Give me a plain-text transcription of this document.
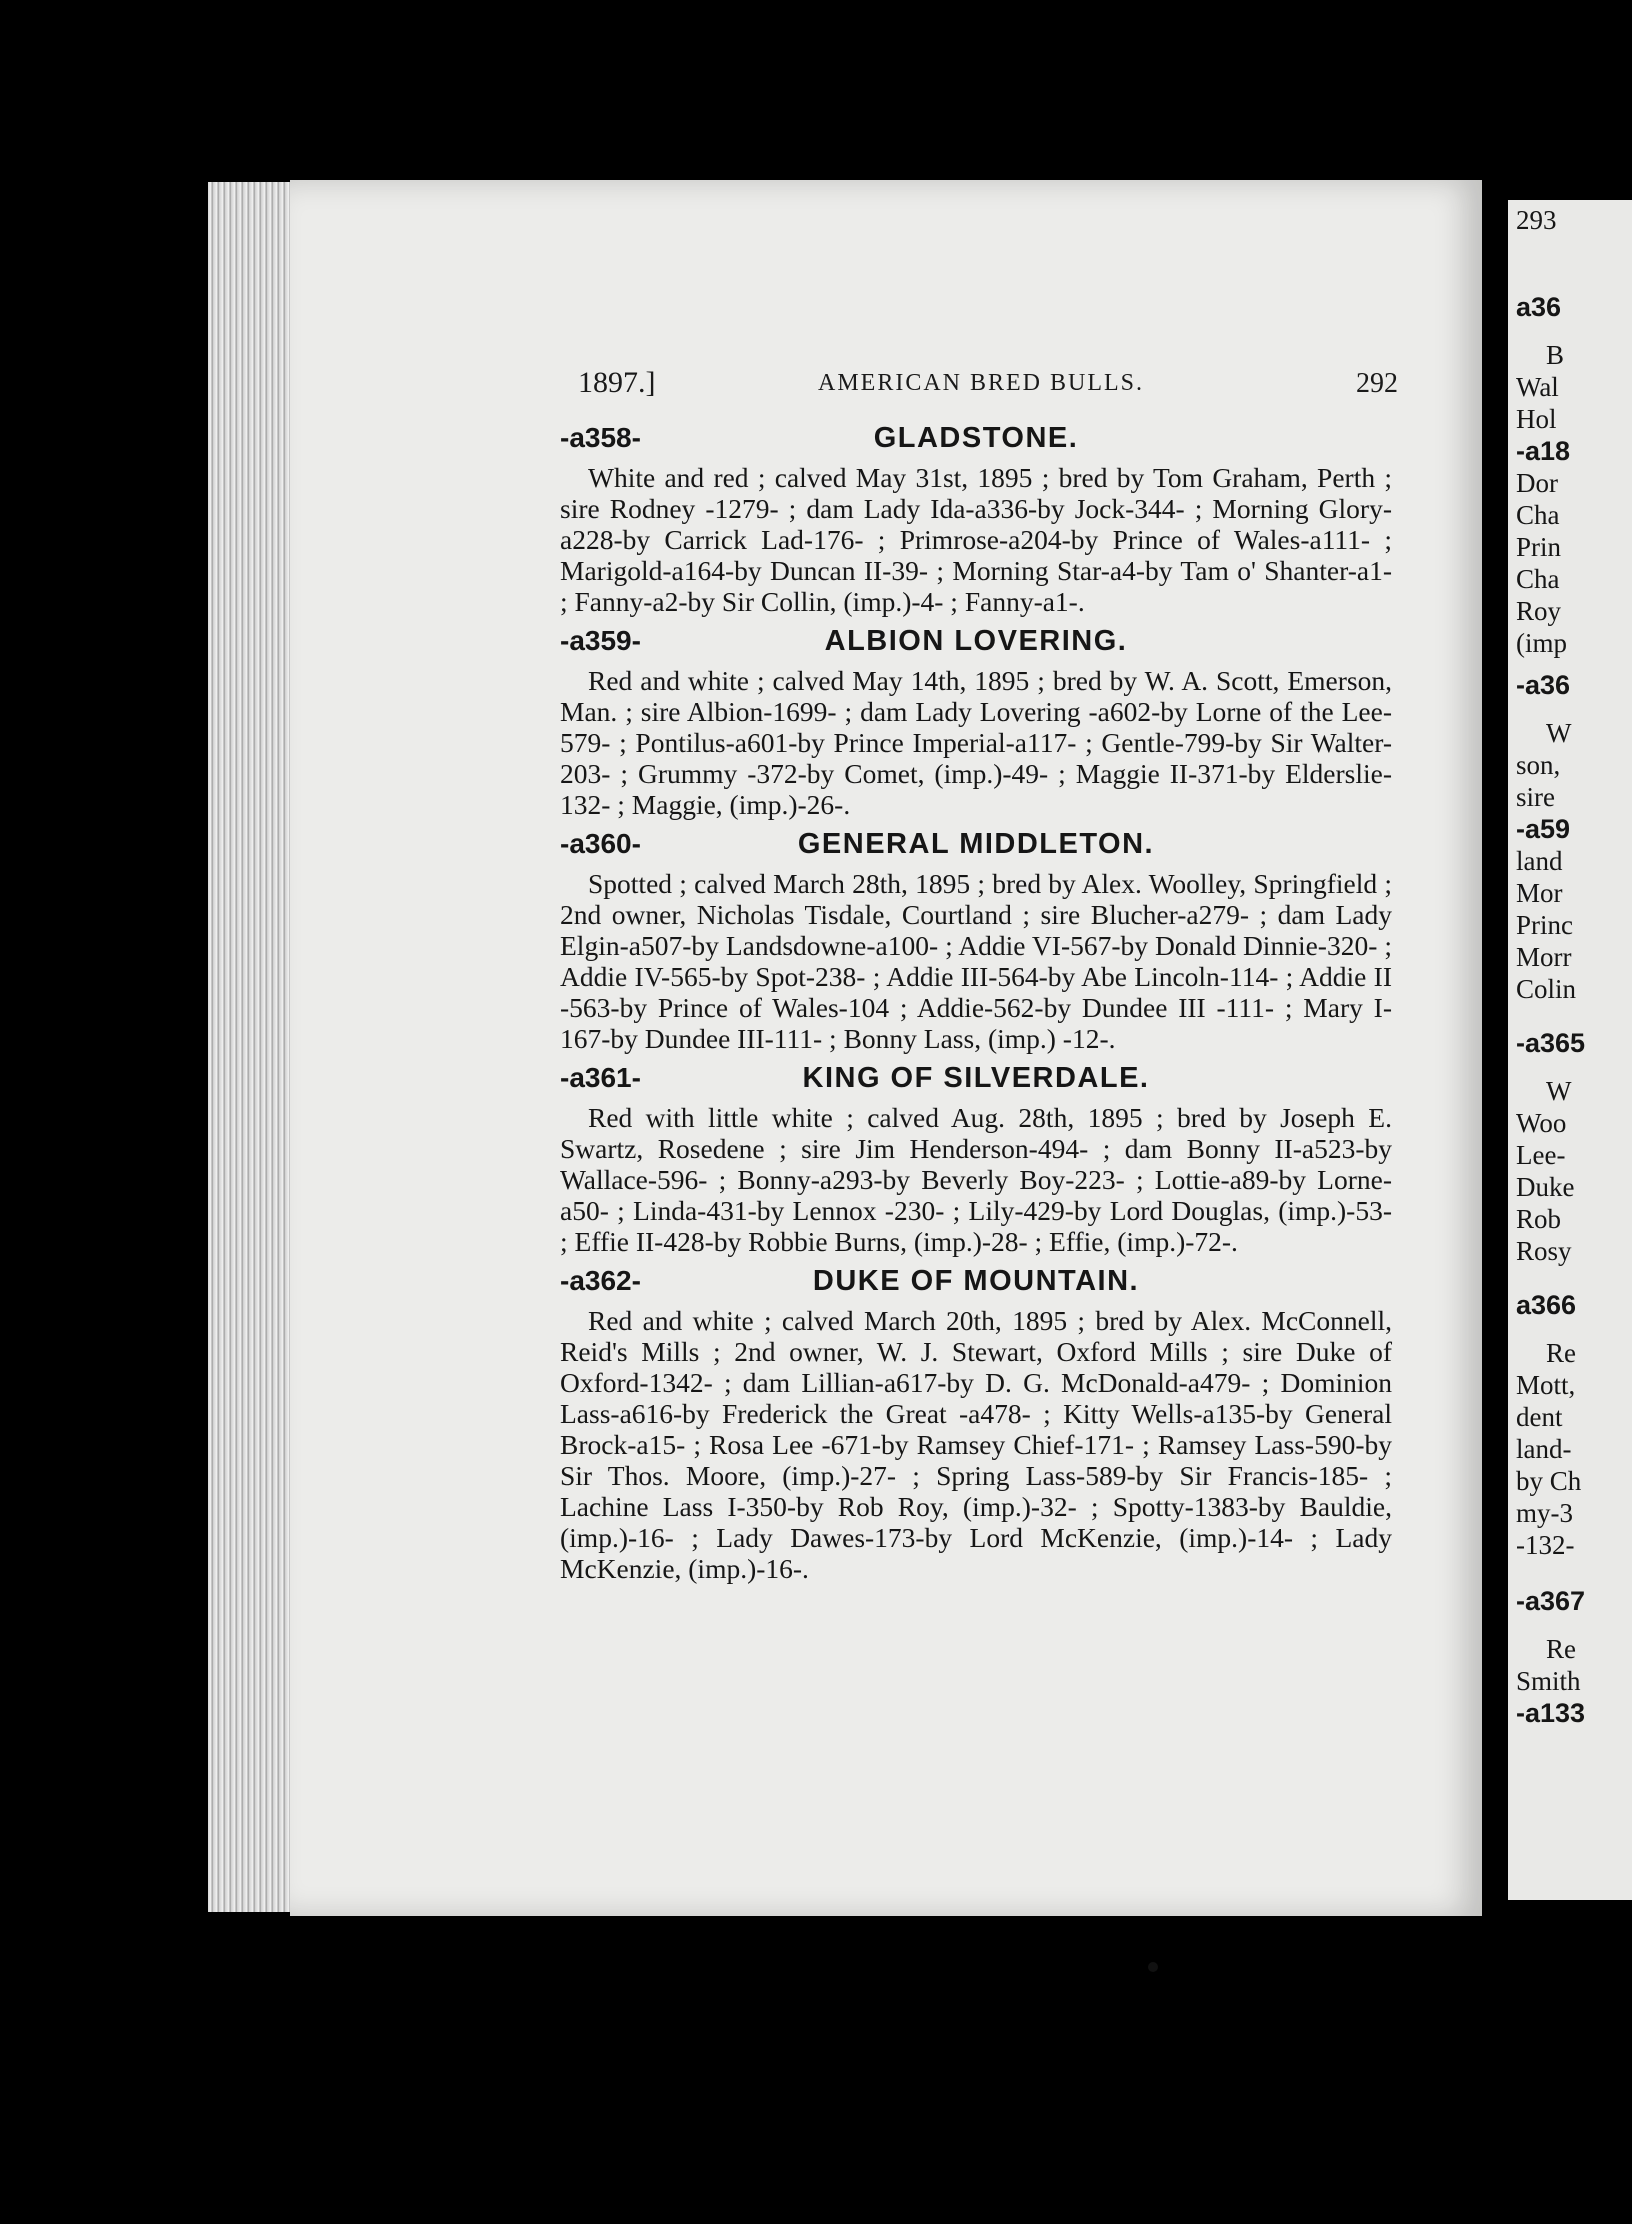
1897.]	AMERICAN BRED BULLS.	292
-a358-	GLADSTONE.
White and red ; calved May 31st, 1895 ; bred by Tom Graham, Perth ; sire Rodney -1279- ; dam Lady Ida-a336-by Jock-344- ; Morning Glory-a228-by Carrick Lad-176- ; Primrose-a204-by Prince of Wales-a111- ; Marigold-a164-by Duncan II-39- ; Morning Star-a4-by Tam o' Shanter-a1- ; Fanny-a2-by Sir Collin, (imp.)-4- ; Fanny-a1-.
-a359-	ALBION LOVERING.
Red and white ; calved May 14th, 1895 ; bred by W. A. Scott, Emerson, Man. ; sire Albion-1699- ; dam Lady Lovering -a602-by Lorne of the Lee-579- ; Pontilus-a601-by Prince Imperial-a117- ; Gentle-799-by Sir Walter-203- ; Grummy -372-by Comet, (imp.)-49- ; Maggie II-371-by Elderslie-132- ; Maggie, (imp.)-26-.
-a360-	GENERAL MIDDLETON.
Spotted ; calved March 28th, 1895 ; bred by Alex. Woolley, Springfield ; 2nd owner, Nicholas Tisdale, Courtland ; sire Blucher-a279- ; dam Lady Elgin-a507-by Landsdowne-a100- ; Addie VI-567-by Donald Dinnie-320- ; Addie IV-565-by Spot-238- ; Addie III-564-by Abe Lincoln-114- ; Addie II -563-by Prince of Wales-104 ; Addie-562-by Dundee III -111- ; Mary I-167-by Dundee III-111- ; Bonny Lass, (imp.) -12-.
-a361-	KING OF SILVERDALE.
Red with little white ; calved Aug. 28th, 1895 ; bred by Joseph E. Swartz, Rosedene ; sire Jim Henderson-494- ; dam Bonny II-a523-by Wallace-596- ; Bonny-a293-by Beverly Boy-223- ; Lottie-a89-by Lorne-a50- ; Linda-431-by Lennox -230- ; Lily-429-by Lord Douglas, (imp.)-53- ; Effie II-428-by Robbie Burns, (imp.)-28- ; Effie, (imp.)-72-.
-a362-	DUKE OF MOUNTAIN.
Red and white ; calved March 20th, 1895 ; bred by Alex. McConnell, Reid's Mills ; 2nd owner, W. J. Stewart, Oxford Mills ; sire Duke of Oxford-1342- ; dam Lillian-a617-by D. G. McDonald-a479- ; Dominion Lass-a616-by Frederick the Great -a478- ; Kitty Wells-a135-by General Brock-a15- ; Rosa Lee -671-by Ramsey Chief-171- ; Ramsey Lass-590-by Sir Thos. Moore, (imp.)-27- ; Spring Lass-589-by Sir Francis-185- ; Lachine Lass I-350-by Rob Roy, (imp.)-32- ; Spotty-1383-by Bauldie, (imp.)-16- ; Lady Dawes-173-by Lord McKenzie, (imp.)-14- ; Lady McKenzie, (imp.)-16-.
293
a36
B
Wal
Hol
-a18
Dor
Cha
Prin
Cha
Roy
(imp
-a36
W
son,
sire
-a59
land
Mor
Princ
Morr
Colin
-a365
W
Woo
Lee-
Duke
Rob
Rosy
a366
Re
Mott,
dent
land-
by Ch
my-3
-132-
-a367
Re
Smith
-a133
